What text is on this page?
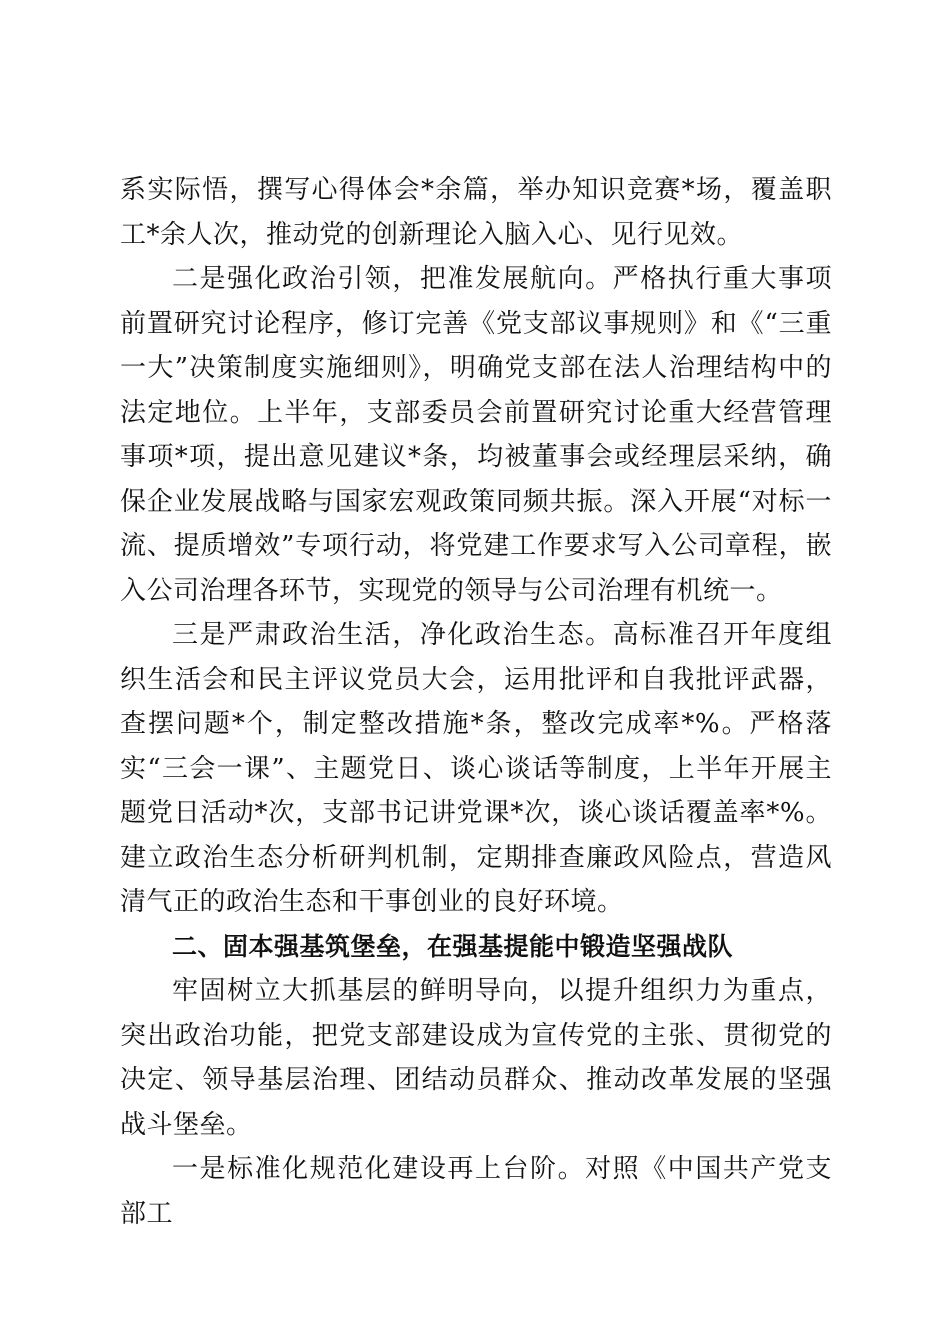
系实际悟，撰写心得体会*余篇，举办知识竞赛*场，覆盖职工*余人次，推动党的创新理论入脑入心、见行见效。

二是强化政治引领，把准发展航向。严格执行重大事项前置研究讨论程序，修订完善《党支部议事规则》和《“三重一大”决策制度实施细则》，明确党支部在法人治理结构中的法定地位。上半年，支部委员会前置研究讨论重大经营管理事项*项，提出意见建议*条，均被董事会或经理层采纳，确保企业发展战略与国家宏观政策同频共振。深入开展“对标一流、提质增效”专项行动，将党建工作要求写入公司章程，嵌入公司治理各环节，实现党的领导与公司治理有机统一。

三是严肃政治生活，净化政治生态。高标准召开年度组织生活会和民主评议党员大会，运用批评和自我批评武器，查摆问题*个，制定整改措施*条，整改完成率*%。严格落实“三会一课”、主题党日、谈心谈话等制度，上半年开展主题党日活动*次，支部书记讲党课*次，谈心谈话覆盖率*%。建立政治生态分析研判机制，定期排查廉政风险点，营造风清气正的政治生态和干事创业的良好环境。

二、固本强基筑堡垒，在强基提能中锻造坚强战队

牢固树立大抓基层的鲜明导向，以提升组织力为重点，突出政治功能，把党支部建设成为宣传党的主张、贯彻党的决定、领导基层治理、团结动员群众、推动改革发展的坚强战斗堡垒。

一是标准化规范化建设再上台阶。对照《中国共产党支部工
